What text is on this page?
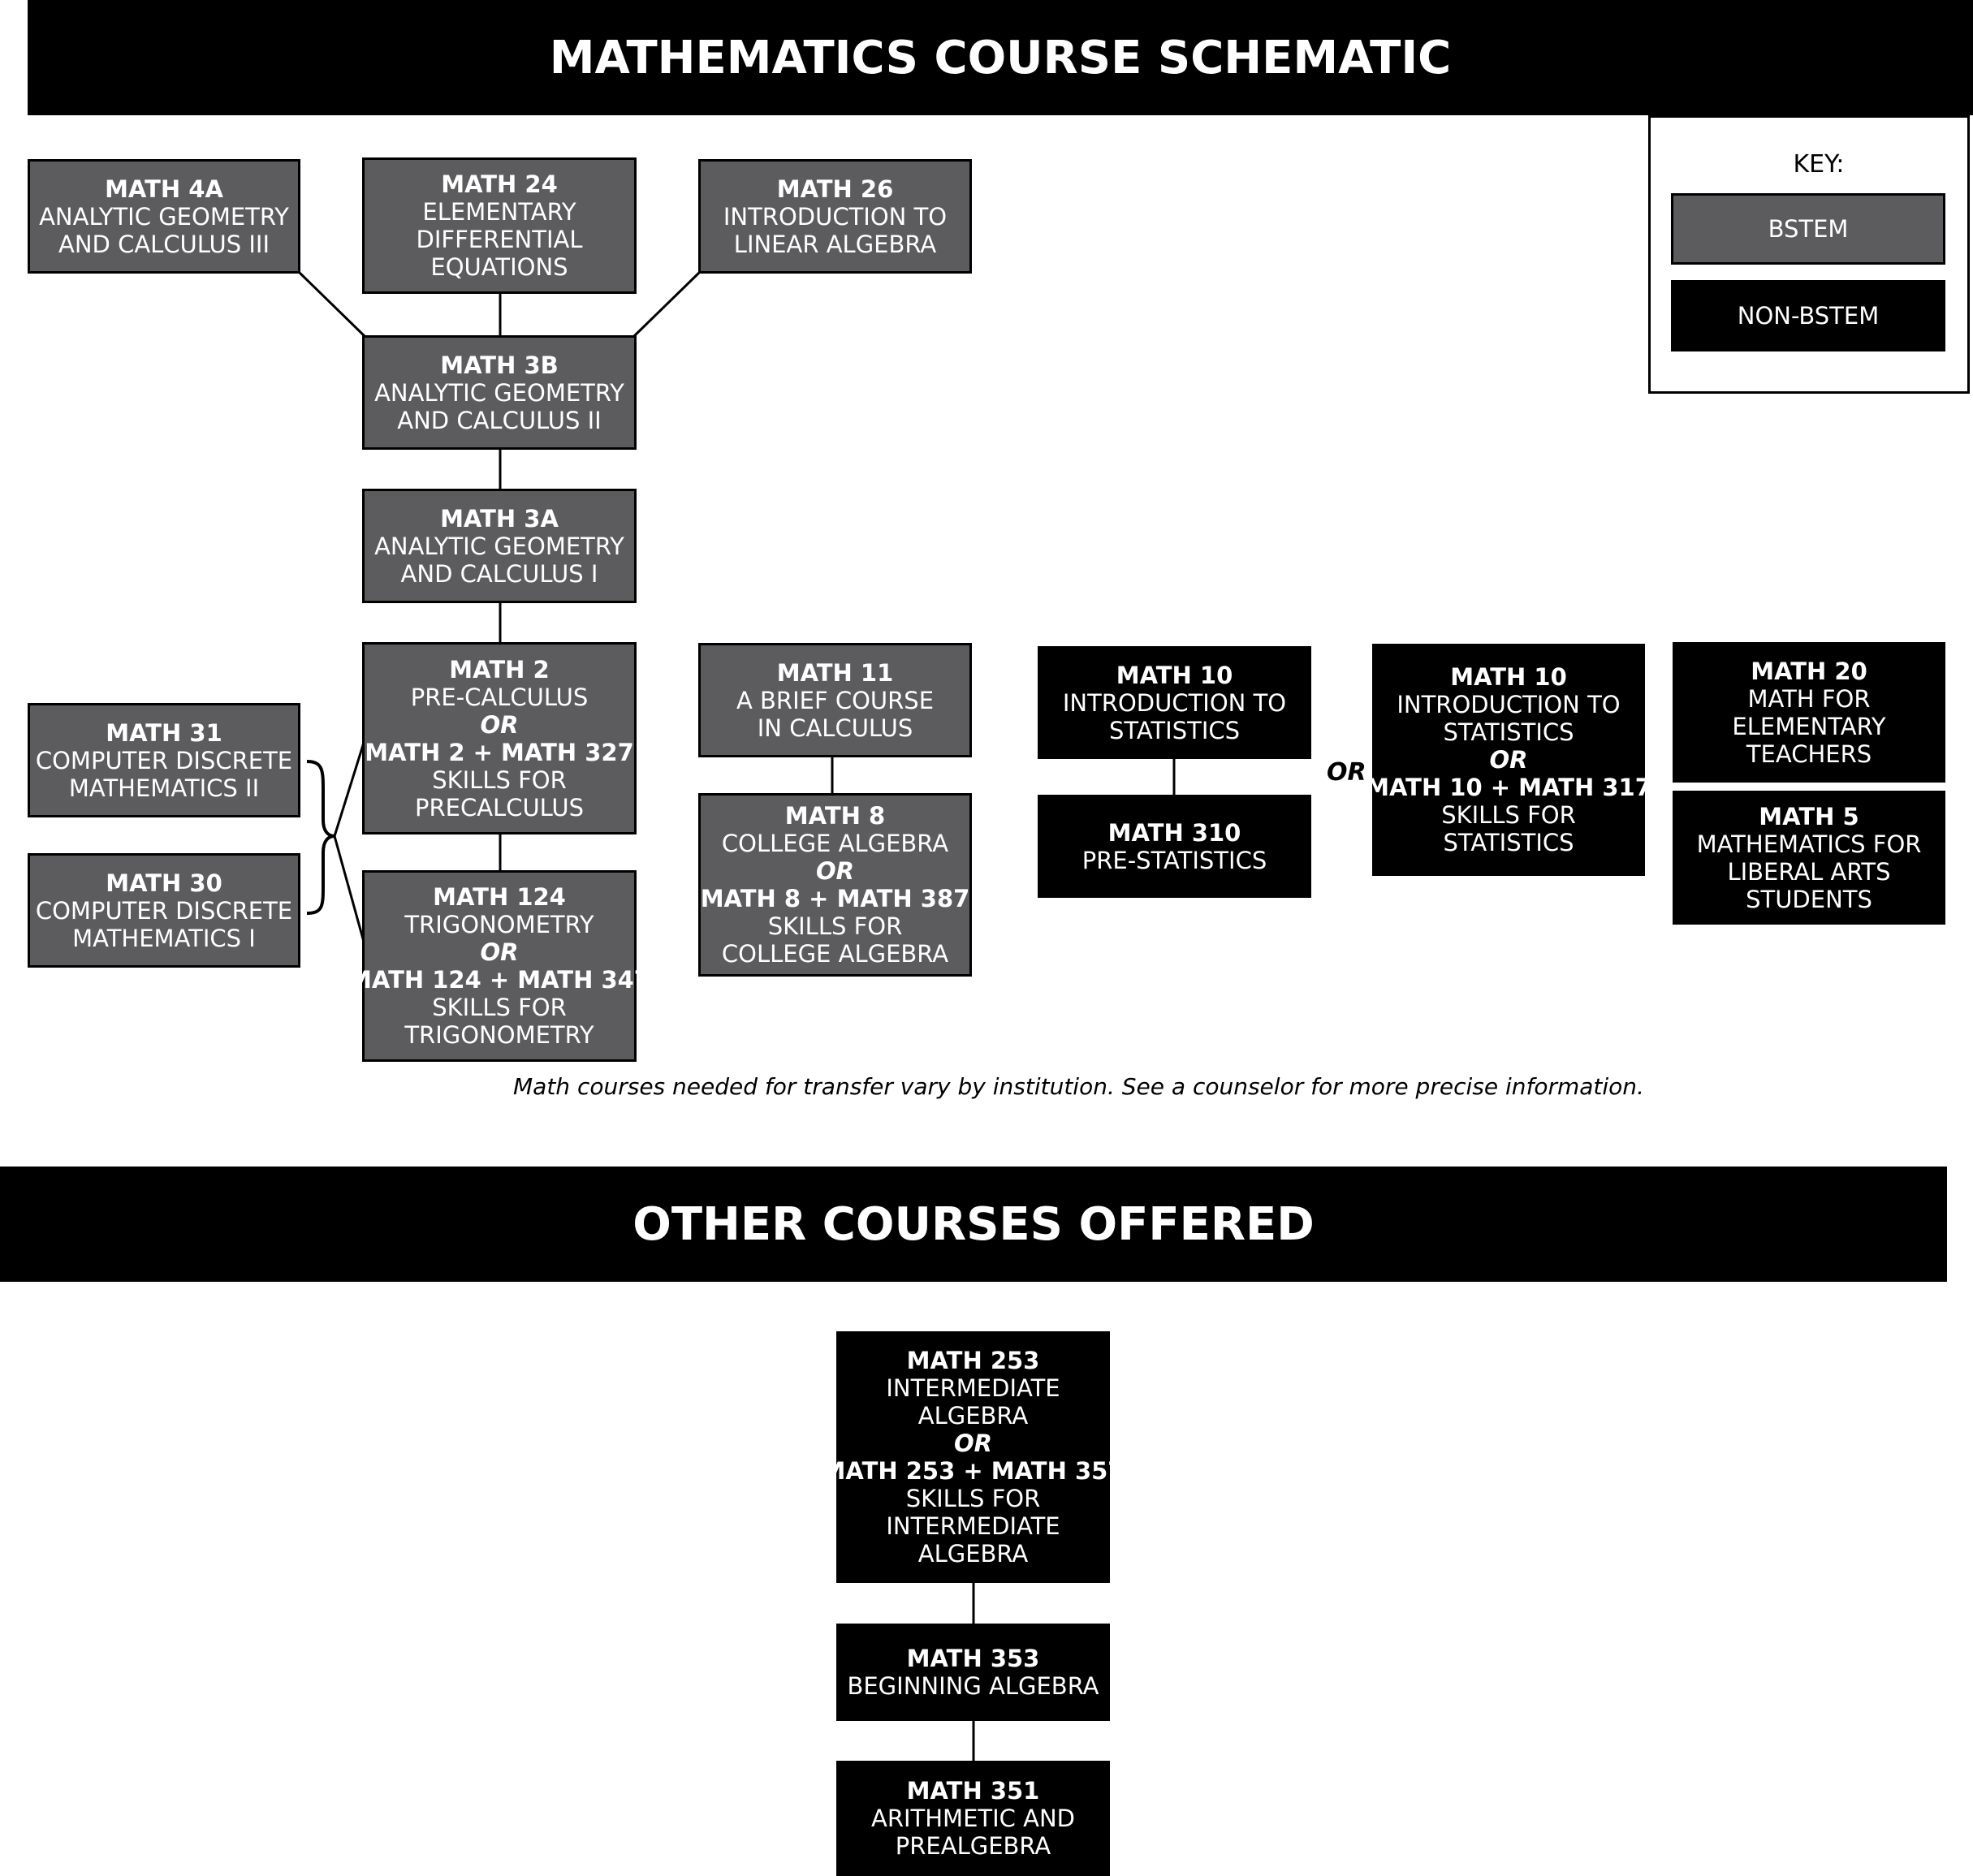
MATHEMATICS COURSE SCHEMATIC
OTHER COURSES OFFERED
KEY:
BSTEM
NON-BSTEM
MATH 4A
ANALYTIC GEOMETRY
AND CALCULUS III
MATH 24
ELEMENTARY
DIFFERENTIAL
EQUATIONS
MATH 26
INTRODUCTION TO
LINEAR ALGEBRA
MATH 3B
ANALYTIC GEOMETRY
AND CALCULUS II
MATH 3A
ANALYTIC GEOMETRY
AND CALCULUS I
MATH 2
PRE-CALCULUS
OR
MATH 2 + MATH 327
SKILLS FOR
PRECALCULUS
MATH 124
TRIGONOMETRY
OR
MATH 124 + MATH 347
SKILLS FOR
TRIGONOMETRY
MATH 31
COMPUTER DISCRETE
MATHEMATICS II
MATH 30
COMPUTER DISCRETE
MATHEMATICS I
MATH 11
A BRIEF COURSE
IN CALCULUS
MATH 8
COLLEGE ALGEBRA
OR
MATH 8 + MATH 387
SKILLS FOR
COLLEGE ALGEBRA
MATH 10
INTRODUCTION TO
STATISTICS
MATH 310
PRE-STATISTICS
OR
MATH 10
INTRODUCTION TO
STATISTICS
OR
MATH 10 + MATH 317
SKILLS FOR
STATISTICS
MATH 20
MATH FOR
ELEMENTARY
TEACHERS
MATH 5
MATHEMATICS FOR
LIBERAL ARTS
STUDENTS
Math courses needed for transfer vary by institution. See a counselor for more precise information.
MATH 253
INTERMEDIATE
ALGEBRA
OR
MATH 253 + MATH 357
SKILLS FOR
INTERMEDIATE
ALGEBRA
MATH 353
BEGINNING ALGEBRA
MATH 351
ARITHMETIC AND
PREALGEBRA
